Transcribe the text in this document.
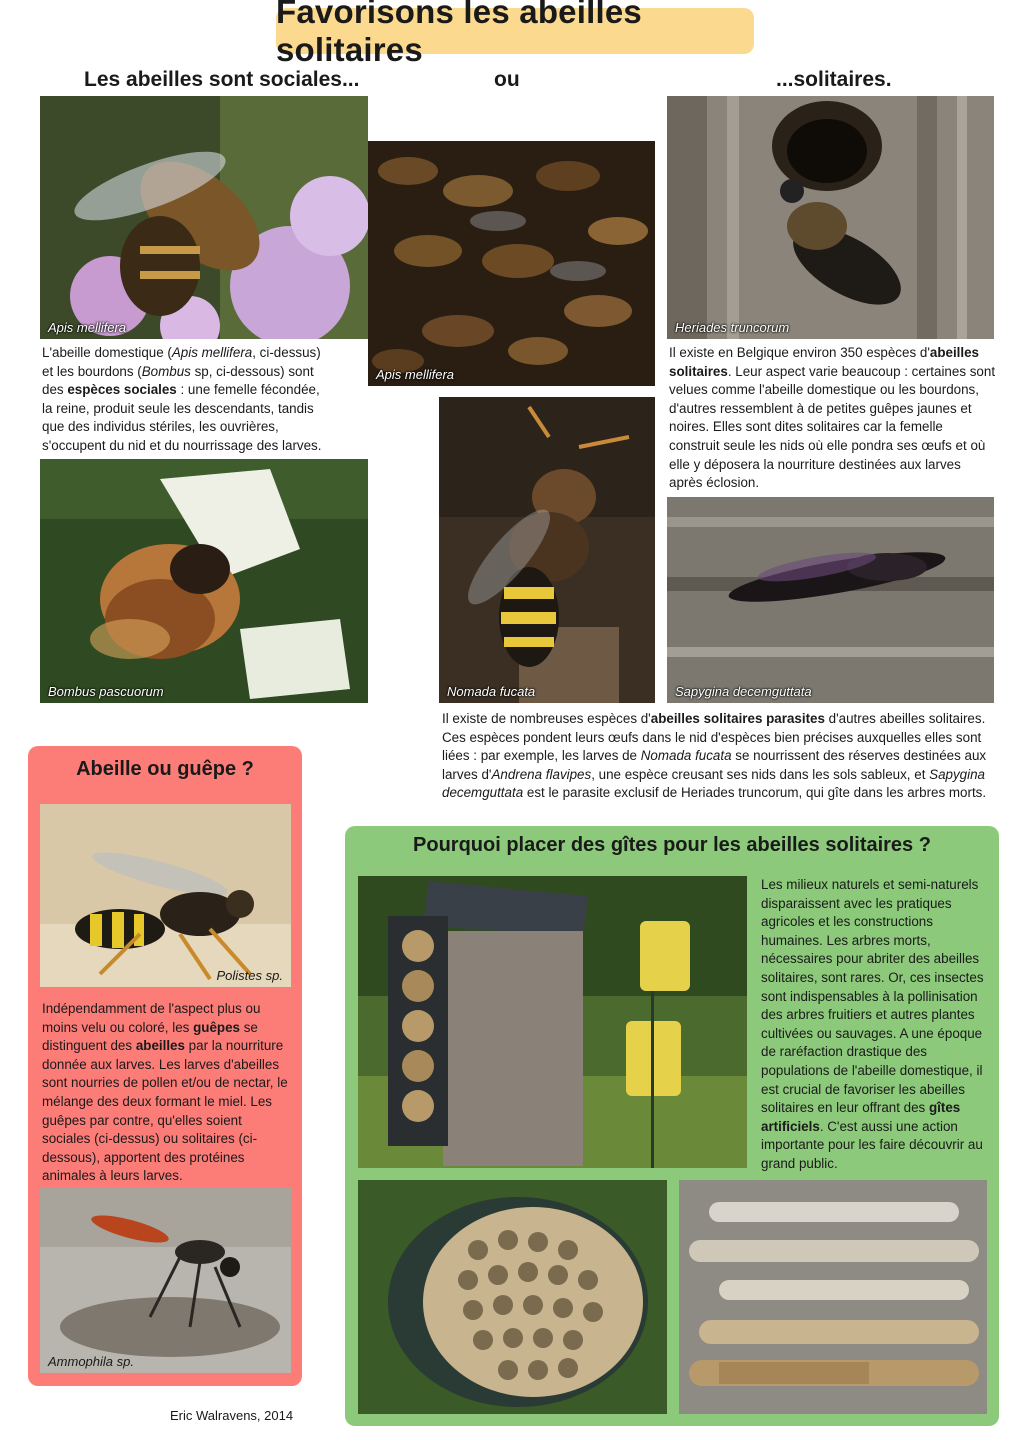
Favorisons les abeilles solitaires
Les abeilles sont sociales...	ou	...solitaires.
Apis mellifera
Apis mellifera
Heriades truncorum
L'abeille domestique (Apis mellifera, ci-dessus) et les bourdons (Bombus sp, ci-dessous) sont des espèces sociales : une femelle fécondée, la reine, produit seule les descendants, tandis que des individus stériles, les ouvrières, s'occupent du nid et du nourrissage des larves.
Il existe en Belgique environ 350 espèces d'abeilles solitaires. Leur aspect varie beaucoup : certaines sont velues comme l'abeille domestique ou les bourdons, d'autres ressemblent à de petites guêpes jaunes et noires. Elles sont dites solitaires car la femelle construit seule les nids où elle pondra ses œufs et où elle y déposera la nourriture destinées aux larves après éclosion.
Bombus pascuorum	Nomada fucata	Sapygina decemguttata
Il existe de nombreuses espèces d'abeilles solitaires parasites d'autres abeilles solitaires. Ces espèces pondent leurs œufs dans le nid d'espèces bien précises auxquelles elles sont liées : par exemple, les larves de Nomada fucata se nourrissent des réserves destinées aux larves d'Andrena flavipes, une espèce creusant ses nids dans les sols sableux, et Sapygina decemguttata est le parasite exclusif de Heriades truncorum, qui gîte dans les arbres morts.
Abeille ou guêpe ?
Polistes sp.
Indépendamment de l'aspect plus ou moins velu ou coloré, les guêpes se distinguent des abeilles par la nourriture donnée aux larves. Les larves d'abeilles sont nourries de pollen et/ou de nectar, le mélange des deux formant le miel. Les guêpes par contre, qu'elles soient sociales (ci-dessus) ou solitaires (ci-dessous), apportent des protéines animales à leurs larves.
Ammophila sp.
Eric Walravens, 2014
Pourquoi placer des gîtes pour les abeilles solitaires ?
Les milieux naturels et semi-naturels disparaissent avec les pratiques agricoles et les constructions humaines. Les arbres morts, nécessaires pour abriter des abeilles solitaires, sont rares. Or, ces insectes sont indispensables à la pollinisation des arbres fruitiers et autres plantes cultivées ou sauvages. A une époque de raréfaction drastique des populations de l'abeille domestique, il est crucial de favoriser les abeilles solitaires en leur offrant des gîtes artificiels. C'est aussi une action importante pour les faire découvrir au grand public.
